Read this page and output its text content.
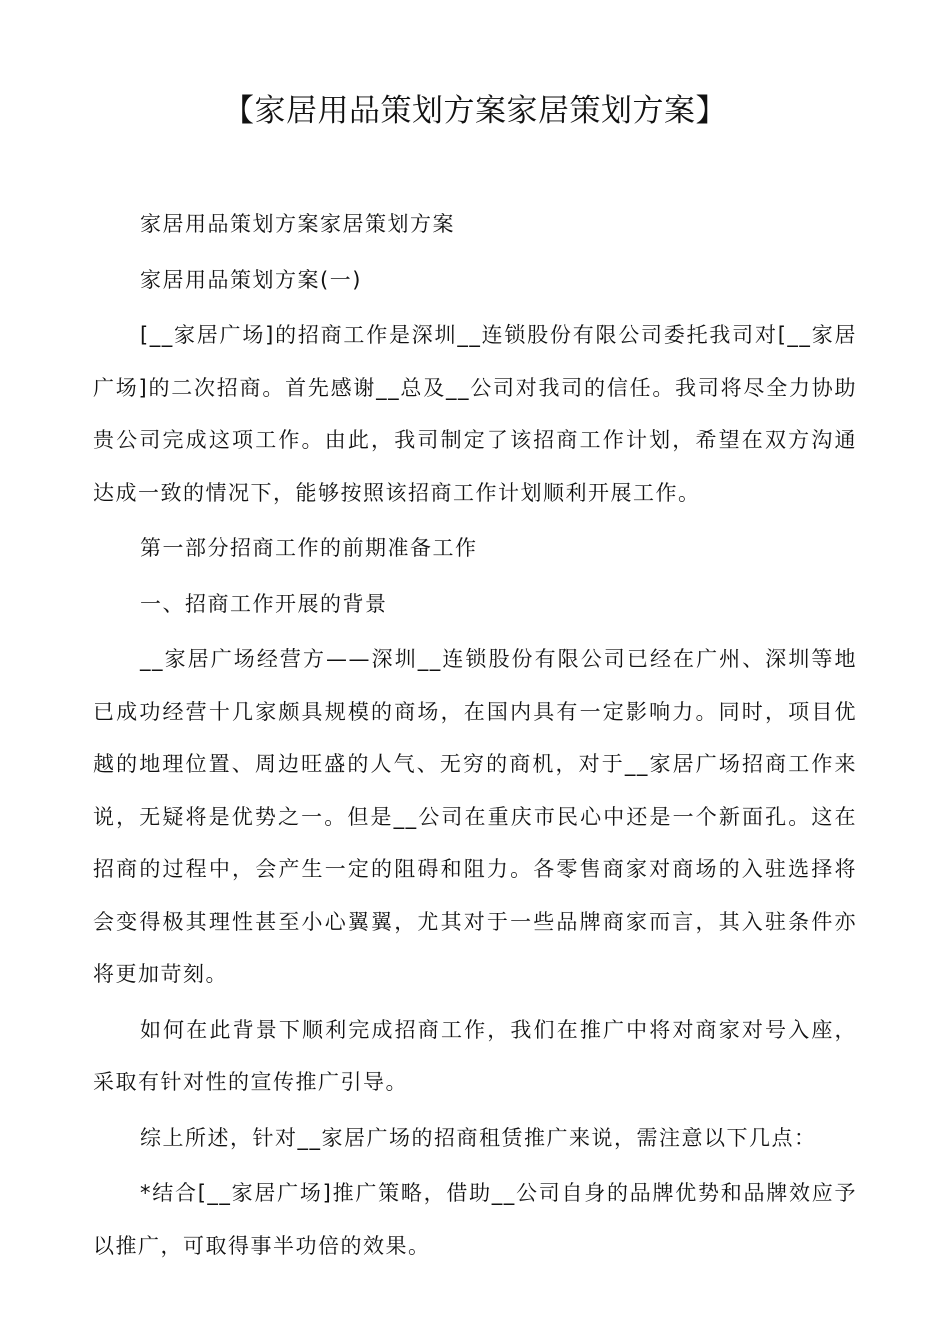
【家居用品策划方案家居策划方案】

家居用品策划方案家居策划方案

家居用品策划方案(一)

[__家居广场]的招商工作是深圳__连锁股份有限公司委托我司对[__家居广场]的二次招商。首先感谢__总及__公司对我司的信任。我司将尽全力协助贵公司完成这项工作。由此，我司制定了该招商工作计划，希望在双方沟通达成一致的情况下，能够按照该招商工作计划顺利开展工作。

第一部分招商工作的前期准备工作

一、招商工作开展的背景

__家居广场经营方——深圳__连锁股份有限公司已经在广州、深圳等地已成功经营十几家颇具规模的商场，在国内具有一定影响力。同时，项目优越的地理位置、周边旺盛的人气、无穷的商机，对于__家居广场招商工作来说，无疑将是优势之一。但是__公司在重庆市民心中还是一个新面孔。这在招商的过程中，会产生一定的阻碍和阻力。各零售商家对商场的入驻选择将会变得极其理性甚至小心翼翼，尤其对于一些品牌商家而言，其入驻条件亦将更加苛刻。

如何在此背景下顺利完成招商工作，我们在推广中将对商家对号入座，采取有针对性的宣传推广引导。

综上所述，针对__家居广场的招商租赁推广来说，需注意以下几点：

*结合[__家居广场]推广策略，借助__公司自身的品牌优势和品牌效应予以推广，可取得事半功倍的效果。
